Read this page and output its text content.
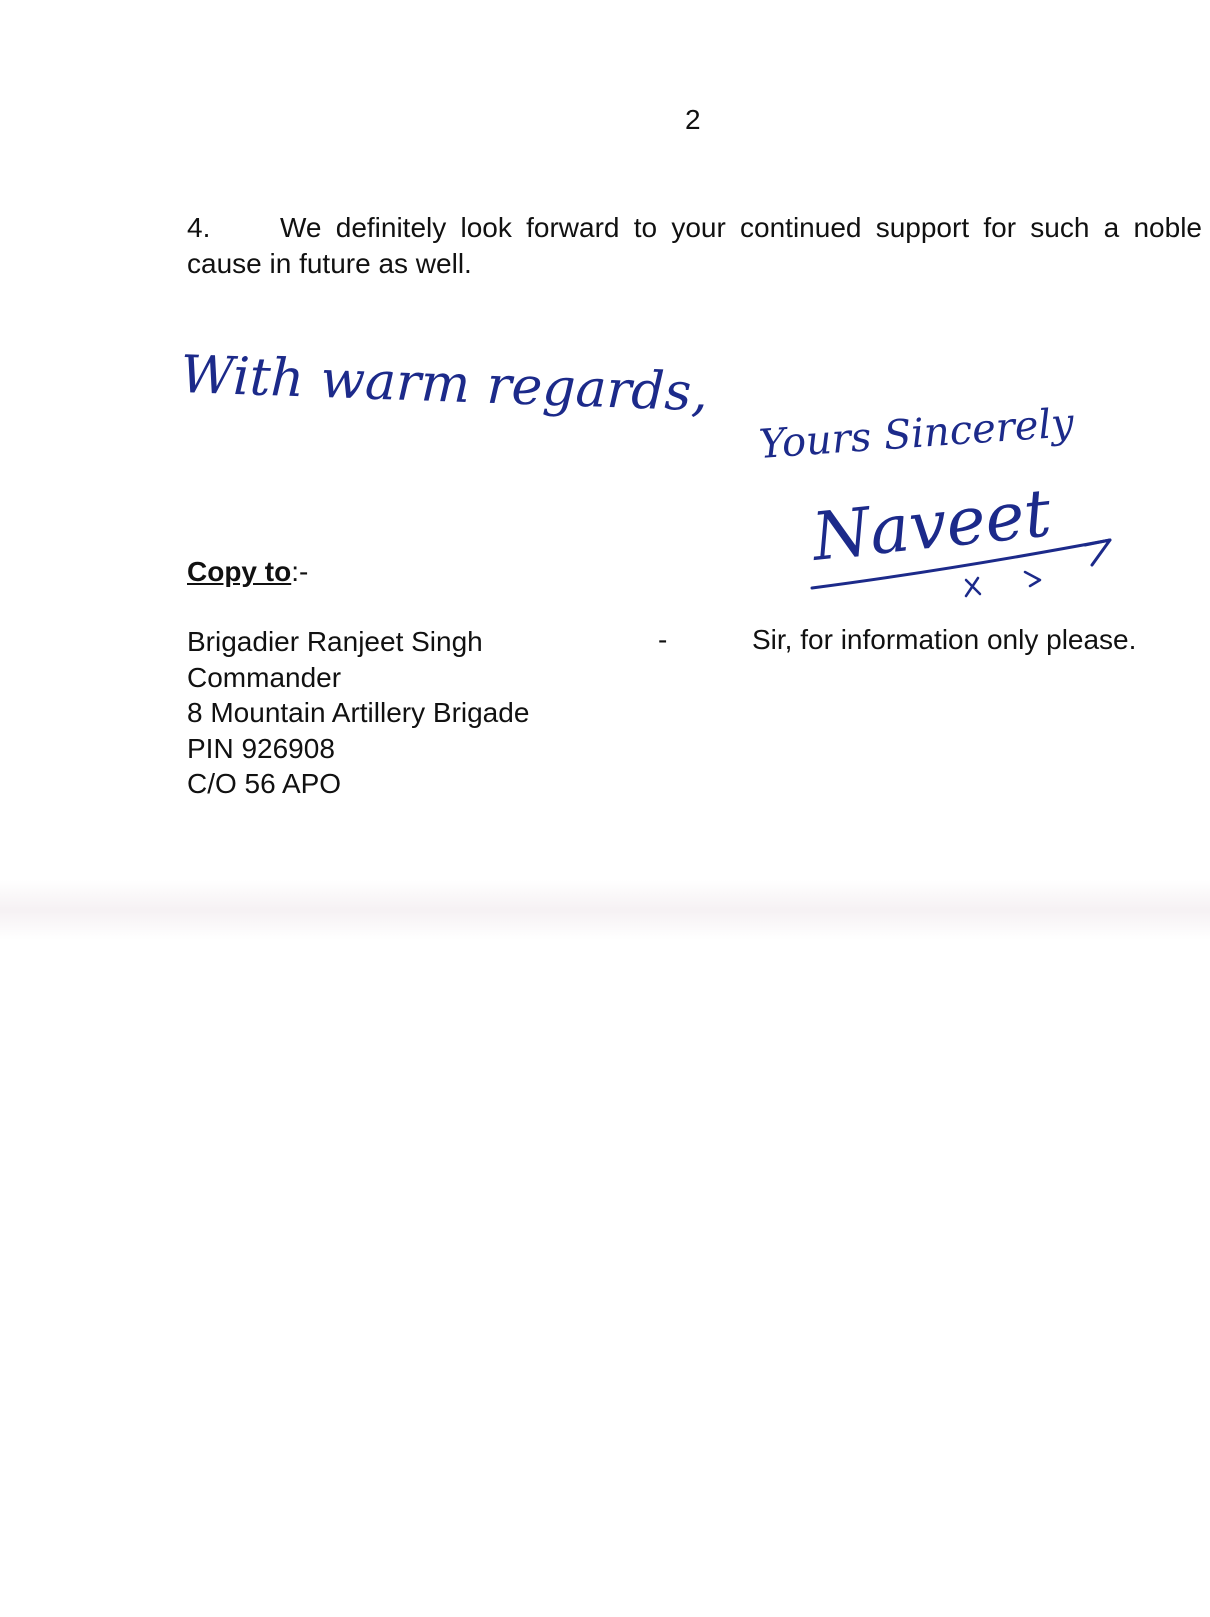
2
4. We definitely look forward to your continued support for such a noble cause in future as well.
With warm regards,
Yours Sincerely
Naveet
Copy to:-
Brigadier Ranjeet Singh
Commander
8 Mountain Artillery Brigade
PIN 926908
C/O 56 APO
-	Sir, for information only please.
